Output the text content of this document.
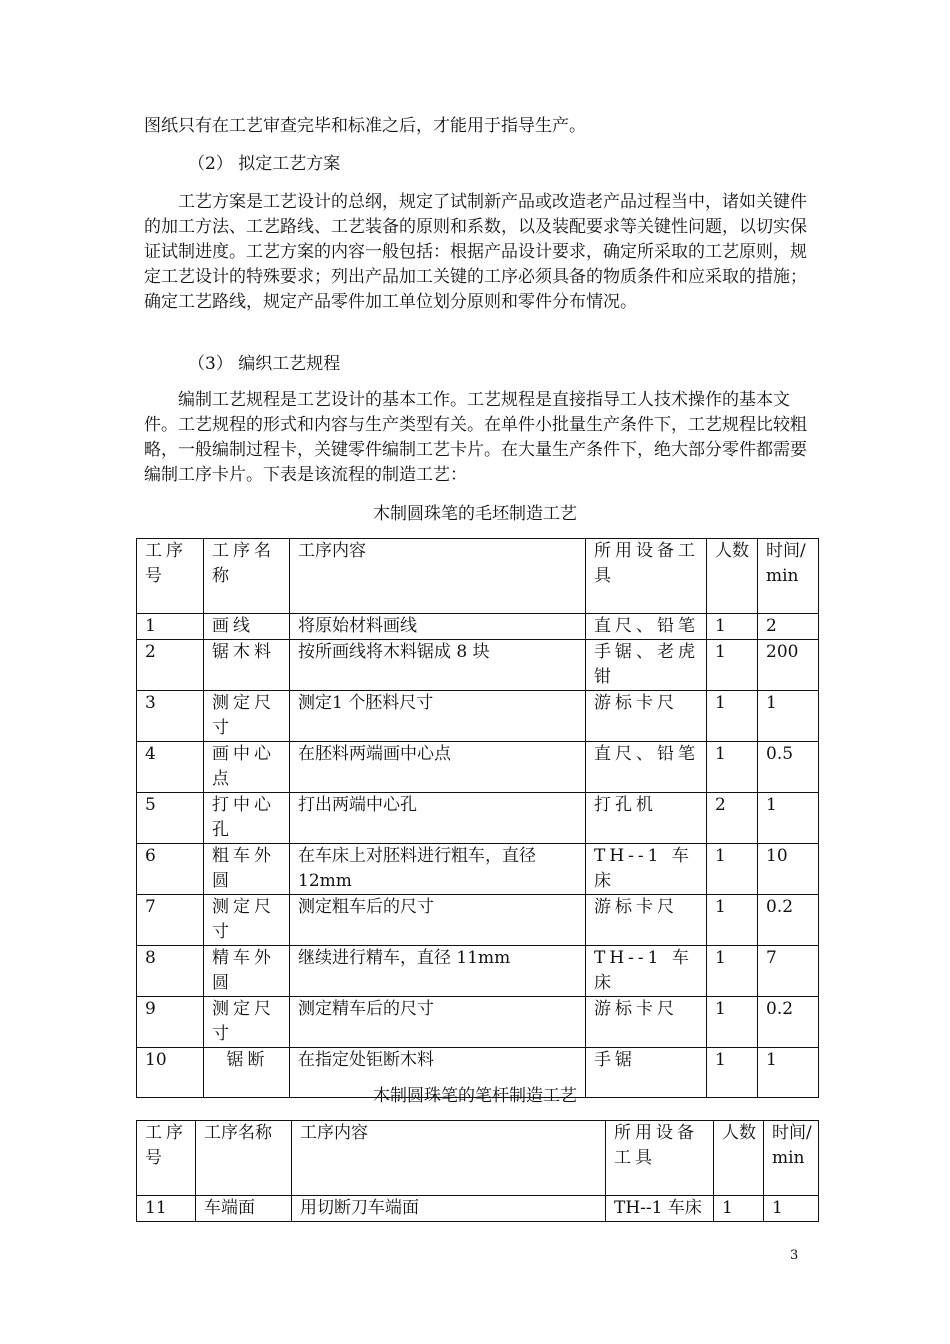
图纸只有在工艺审查完毕和标准之后，才能用于指导生产。

（2） 拟定工艺方案

工艺方案是工艺设计的总纲，规定了试制新产品或改造老产品过程当中，诸如关键件的加工方法、工艺路线、工艺装备的原则和系数，以及装配要求等关键性问题，以切实保证试制进度。工艺方案的内容一般包括：根据产品设计要求，确定所采取的工艺原则，规定工艺设计的特殊要求；列出产品加工关键的工序必须具备的物质条件和应采取的措施；确定工艺路线，规定产品零件加工单位划分原则和零件分布情况。

（3） 编织工艺规程

编制工艺规程是工艺设计的基本工作。工艺规程是直接指导工人技术操作的基本文件。工艺规程的形式和内容与生产类型有关。在单件小批量生产条件下，工艺规程比较粗略，一般编制过程卡，关键零件编制工艺卡片。在大量生产条件下，绝大部分零件都需要编制工序卡片。下表是该流程的制造工艺：

木制圆珠笔的毛坯制造工艺

工序号	工序名称	工序内容	所用设备工具	人数	时间/min
1	画线	将原始材料画线	直尺、铅笔	1	2
2	锯木料	按所画线将木料锯成 8 块	手锯、老虎钳	1	200
3	测定尺寸	测定1 个胚料尺寸	游标卡尺	1	1
4	画中心点	在胚料两端画中心点	直尺、铅笔	1	0.5
5	打中心孔	打出两端中心孔	打孔机	2	1
6	粗车外圆	在车床上对胚料进行粗车，直径 12mm	TH--1 车床	1	10
7	测定尺寸	测定粗车后的尺寸	游标卡尺	1	0.2
8	精车外圆	继续进行精车，直径 11mm	TH--1 车床	1	7
9	测定尺寸	测定精车后的尺寸	游标卡尺	1	0.2
10	锯断	在指定处钜断木料	手锯	1	1

木制圆珠笔的笔杆制造工艺

工序号	工序名称	工序内容	所用设备工具	人数	时间/min
11	车端面	用切断刀车端面	TH--1 车床	1	1
3
